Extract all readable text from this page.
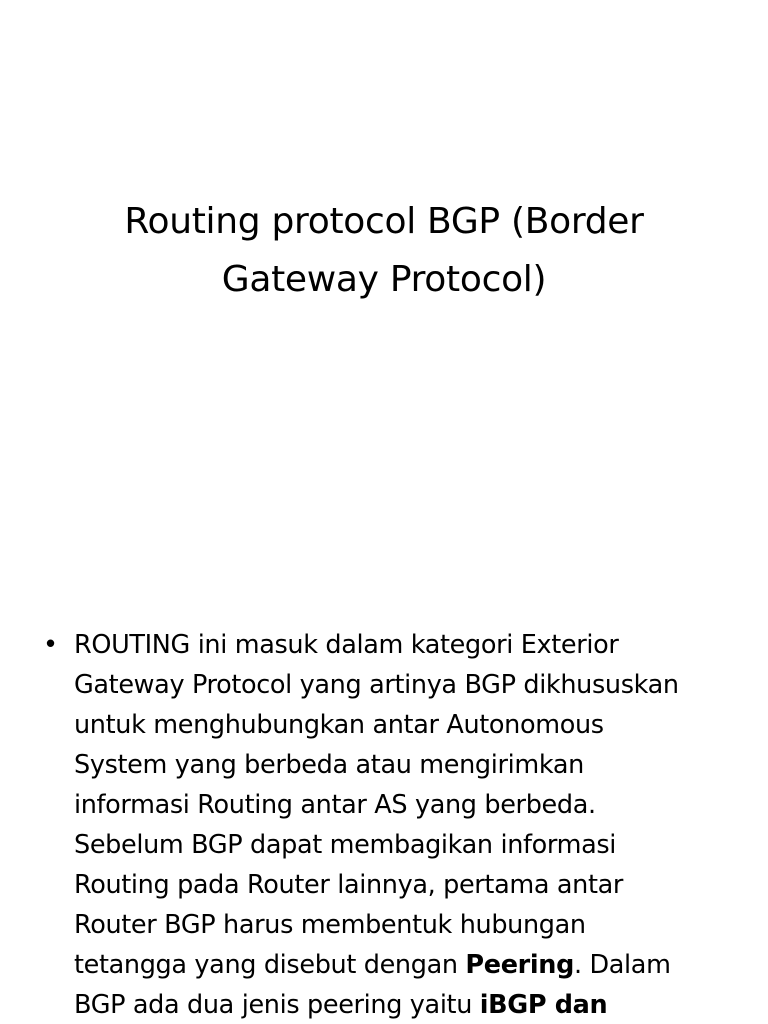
Routing protocol BGP (Border
Gateway Protocol)
• ROUTING ini masuk dalam kategori Exterior
Gateway Protocol yang artinya BGP dikhususkan
untuk menghubungkan antar Autonomous
System yang berbeda atau mengirimkan
informasi Routing antar AS yang berbeda.
Sebelum BGP dapat membagikan informasi
Routing pada Router lainnya, pertama antar
Router BGP harus membentuk hubungan
tetangga yang disebut dengan Peering. Dalam
BGP ada dua jenis peering yaitu iBGP dan
